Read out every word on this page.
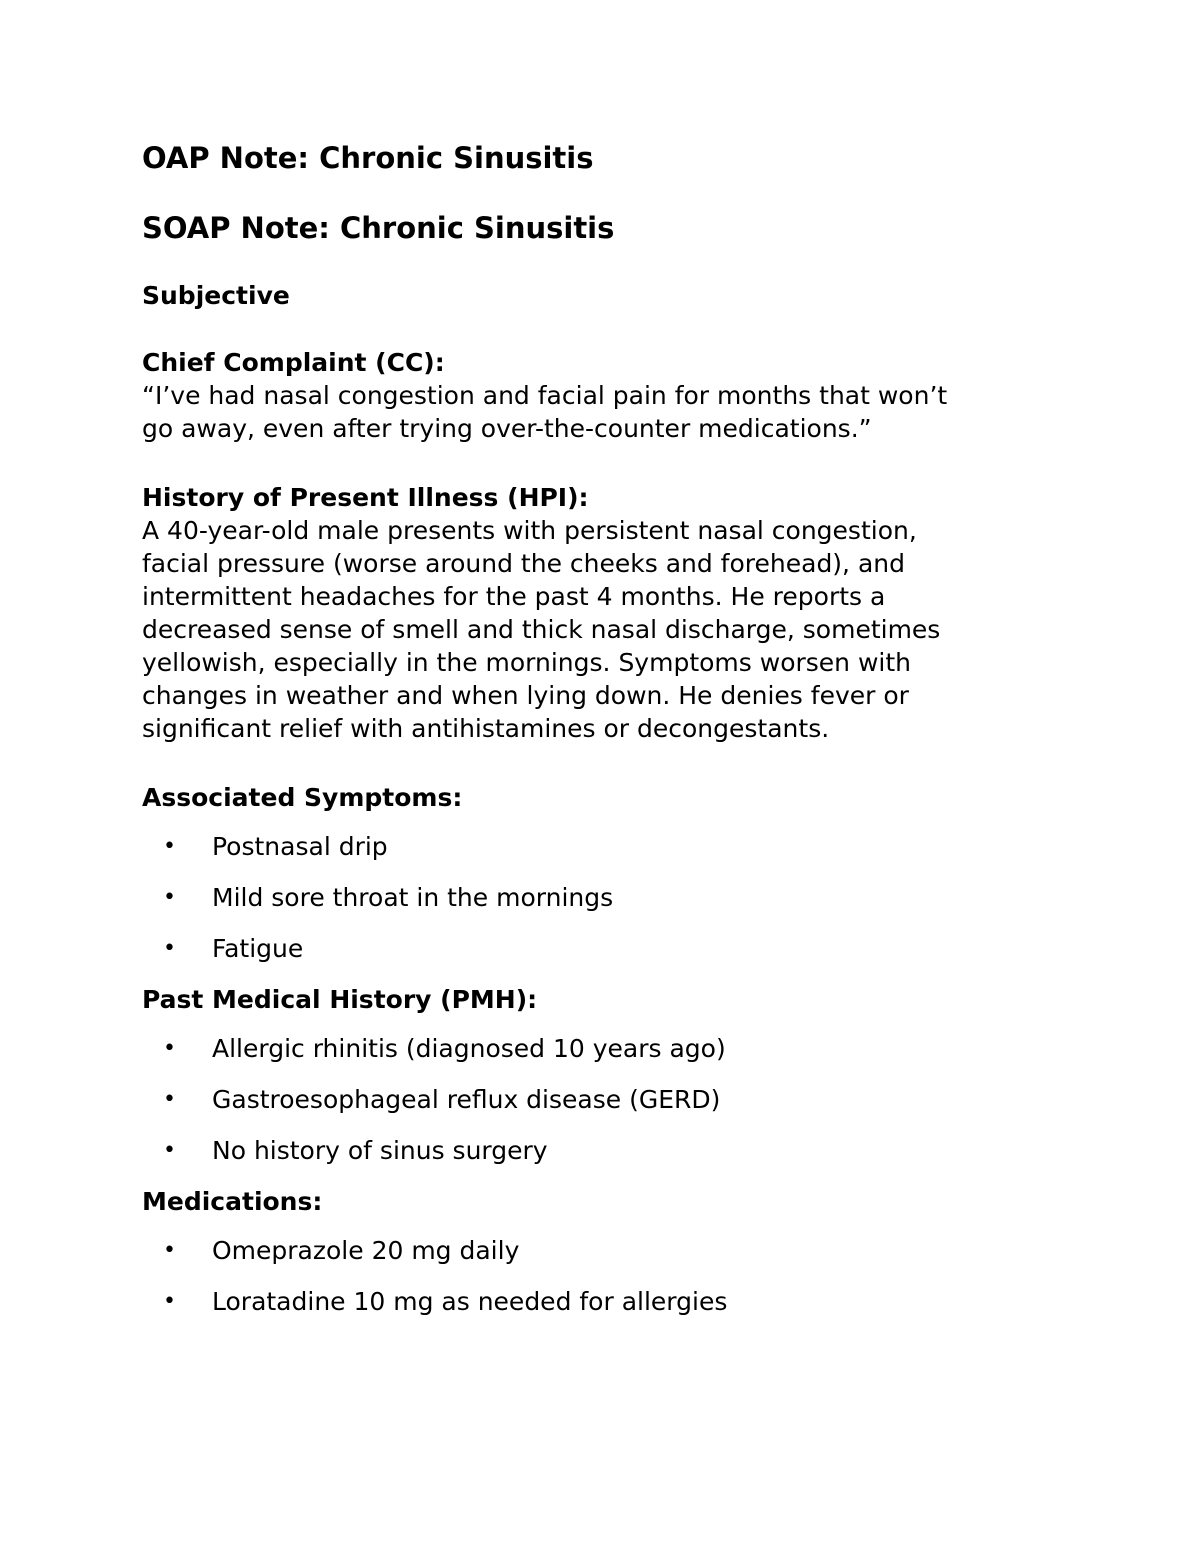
OAP Note: Chronic Sinusitis
SOAP Note: Chronic Sinusitis
Subjective

Chief Complaint (CC):

“I’ve had nasal congestion and facial pain for months that won’t

go away, even after trying over-the-counter medications.”

History of Present Illness (HPI):

A 40-year-old male presents with persistent nasal congestion,

facial pressure (worse around the cheeks and forehead), and

intermittent headaches for the past 4 months. He reports a

decreased sense of smell and thick nasal discharge, sometimes

yellowish, especially in the mornings. Symptoms worsen with

changes in weather and when lying down. He denies fever or

significant relief with antihistamines or decongestants.

Associated Symptoms:

• Postnasal drip
• Mild sore throat in the mornings
• Fatigue

Past Medical History (PMH):

• Allergic rhinitis (diagnosed 10 years ago)
• Gastroesophageal reflux disease (GERD)
• No history of sinus surgery

Medications:

• Omeprazole 20 mg daily
• Loratadine 10 mg as needed for allergies
